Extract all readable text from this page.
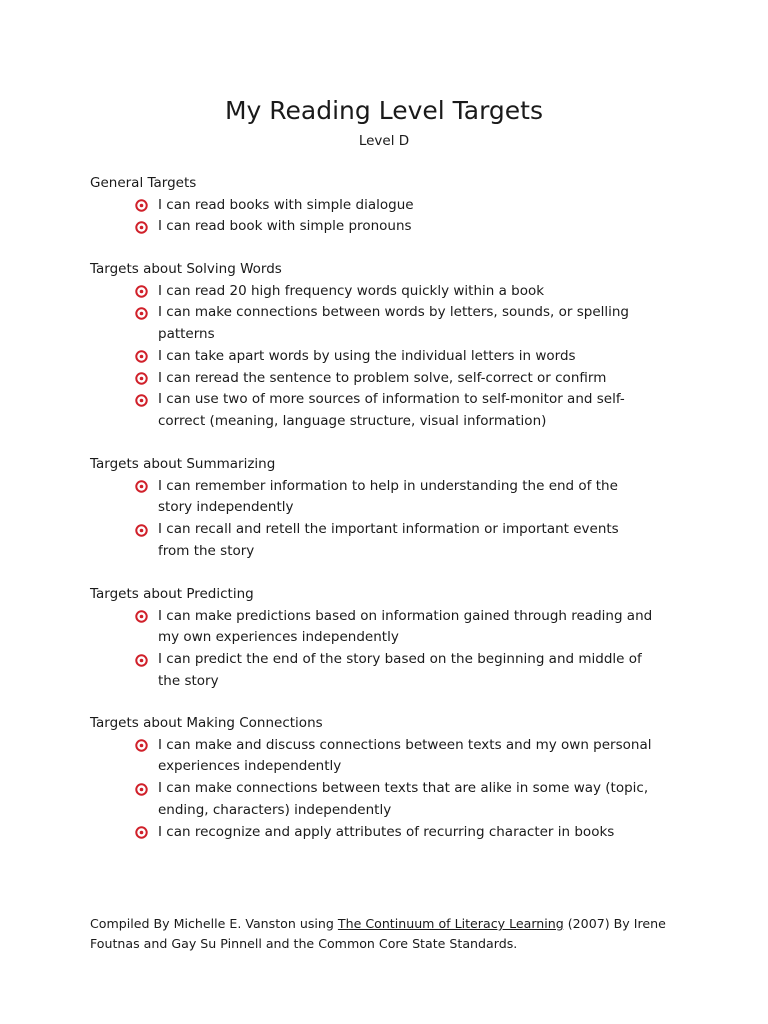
My Reading Level Targets
Level D
General Targets
I can read books with simple dialogue
I can read book with simple pronouns
Targets about Solving Words
I can read 20 high frequency words quickly within a book
I can make connections between words by letters, sounds, or spelling
patterns
I can take apart words by using the individual letters in words
I can reread the sentence to problem solve, self-correct or confirm
I can use two of more sources of information to self-monitor and self-
correct (meaning, language structure, visual information)
Targets about Summarizing
I can remember information to help in understanding the end of the
story independently
I can recall and retell the important information or important events
from the story
Targets about Predicting
I can make predictions based on information gained through reading and
my own experiences independently
I can predict the end of the story based on the beginning and middle of
the story
Targets about Making Connections
I can make and discuss connections between texts and my own personal
experiences independently
I can make connections between texts that are alike in some way (topic,
ending, characters) independently
I can recognize and apply attributes of recurring character in books
Compiled By Michelle E. Vanston using The Continuum of Literacy Learning (2007) By Irene
Foutnas and Gay Su Pinnell and the Common Core State Standards.
